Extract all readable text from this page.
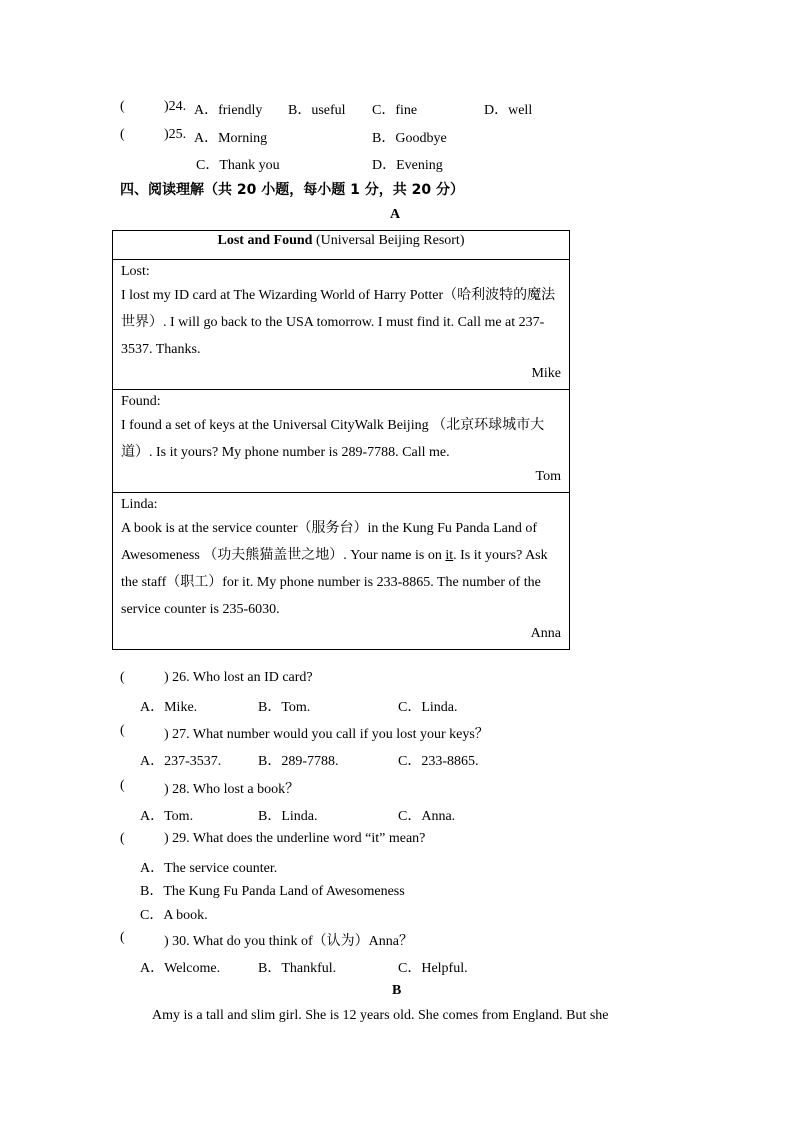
(	)24. A．friendly B．useful C．fine	D．well
(	)25. A．Morning	B．Goodbye
C．Thank you	D．Evening
四、阅读理解（共 20 小题，每小题 1 分，共 20 分）
A
Lost and Found (Universal Beijing Resort)

Lost:

I lost my ID card at The Wizarding World of Harry Potter（哈利波特的魔法世界）. I will go back to the USA tomorrow. I must find it. Call me at 237-3537. Thanks.

Mike

Found:

I found a set of keys at the Universal CityWalk Beijing （北京环球城市大道）. Is it yours? My phone number is 289-7788. Call me.

Tom

Linda:

A book is at the service counter（服务台）in the Kung Fu Panda Land of Awesomeness （功夫熊猫盖世之地）. Your name is on it. Is it yours? Ask the staff（职工）for it. My phone number is 233-8865. The number of the service counter is 235-6030.

Anna
(	) 26. Who lost an ID card?
A．Mike.	B．Tom.	C．Linda.
(	) 27. What number would you call if you lost your keys？
A．237-3537.	B．289-7788.	C．233-8865.
(	) 28. Who lost a book？
A．Tom.	B．Linda.	C．Anna.
(	) 29. What does the underline word “it” mean?
A．The service counter.
B．The Kung Fu Panda Land of Awesomeness
C．A book.
(	) 30. What do you think of（认为）Anna？
A．Welcome.	B．Thankful.	C．Helpful.
B
Amy is a tall and slim girl. She is 12 years old. She comes from England. But she
